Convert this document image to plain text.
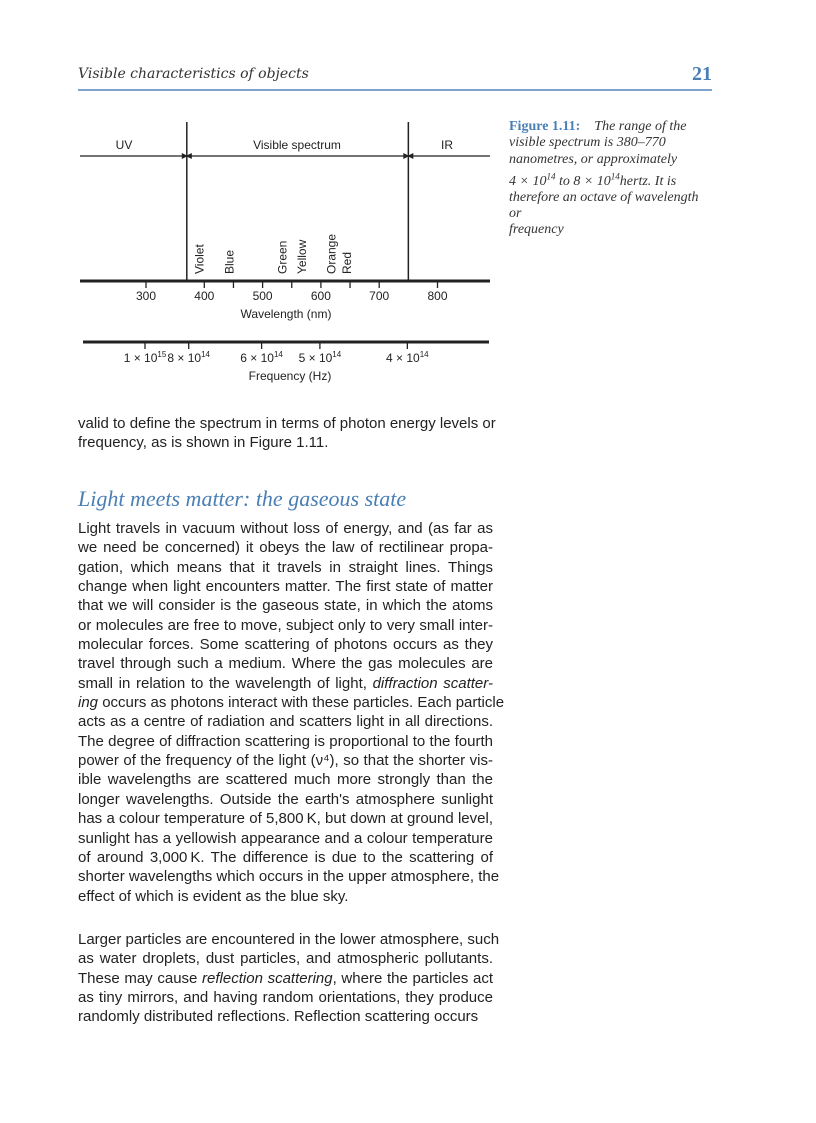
Visible characteristics of objects	21
UV	Visible spectrum	IR
Violet Blue	Green Yellow Orange Red
300	400	500	600	700	800
Wavelength (nm)
$1 \times 10^{15}$ $8 \times 10^{14}$	$6 \times 10^{14}$ $5 \times 10^{14}$	$4 \times 10^{14}$
Frequency (Hz)
Figure 1.11: The range of the
visible spectrum is 380–770
nanometres, or approximately
$4 \times 10^{14}$ to $8 \times 10^{14}hertz$. It is
therefore an octave of wavelength or
frequency
valid to define the spectrum in terms of photon energy levels or
frequency, as is shown in Figure 1.11.
Light meets matter: the gaseous state
Light travels in vacuum without loss of energy, and (as far as
we need be concerned) it obeys the law of rectilinear propa-
gation, which means that it travels in straight lines. Things
change when light encounters matter. The first state of matter
that we will consider is the gaseous state, in which the atoms
or molecules are free to move, subject only to very small inter-
molecular forces. Some scattering of photons occurs as they
travel through such a medium. Where the gas molecules are
small in relation to the wavelength of light, diffraction scatter-
ing occurs as photons interact with these particles. Each particle
acts as a centre of radiation and scatters light in all directions.
The degree of diffraction scattering is proportional to the fourth
power of the frequency of the light (ν⁴), so that the shorter vis-
ible wavelengths are scattered much more strongly than the
longer wavelengths. Outside the earth's atmosphere sunlight
has a colour temperature of 5,800 K, but down at ground level,
sunlight has a yellowish appearance and a colour temperature
of around 3,000 K. The difference is due to the scattering of
shorter wavelengths which occurs in the upper atmosphere, the
effect of which is evident as the blue sky.
Larger particles are encountered in the lower atmosphere, such
as water droplets, dust particles, and atmospheric pollutants.
These may cause reflection scattering, where the particles act
as tiny mirrors, and having random orientations, they produce
randomly distributed reflections. Reflection scattering occurs
